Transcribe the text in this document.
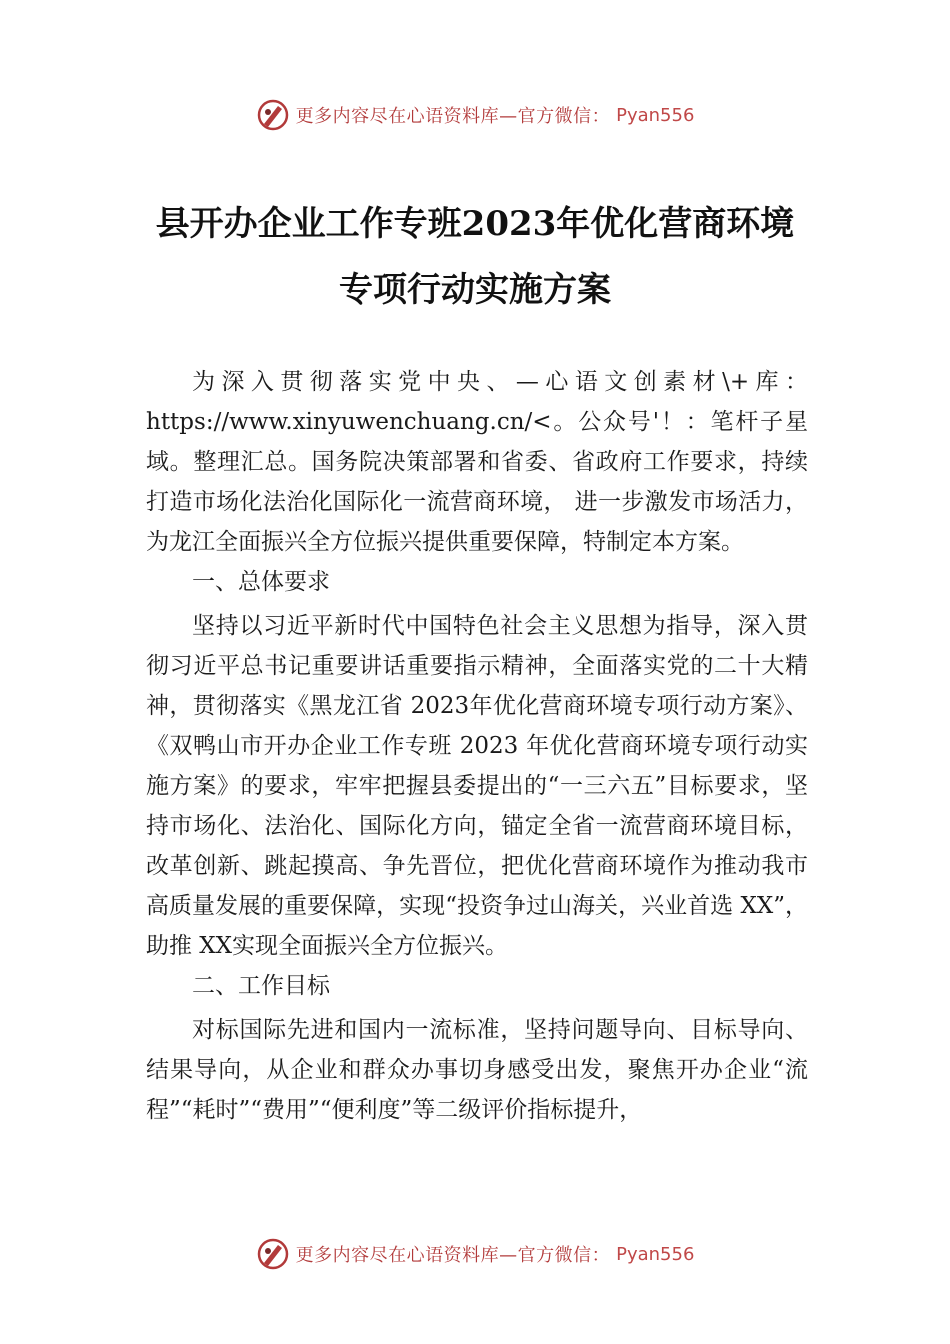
更多内容尽在心语资料库—官方微信： Pyan556
县开办企业工作专班2023年优化营商环境
专项行动实施方案

为深入贯彻落实党中央、—心语文创素材\+库：https://www.xinyuwenchuang.cn/<。公众号'！：笔杆子星域。整理汇总。国务院决策部署和省委、省政府工作要求，持续打造市场化法治化国际化一流营商环境， 进一步激发市场活力，为龙江全面振兴全方位振兴提供重要保障，特制定本方案。

一、总体要求

坚持以习近平新时代中国特色社会主义思想为指导，深入贯彻习近平总书记重要讲话重要指示精神，全面落实党的二十大精神，贯彻落实《黑龙江省 2023年优化营商环境专项行动方案》、《双鸭山市开办企业工作专班 2023 年优化营商环境专项行动实施方案》的要求，牢牢把握县委提出的“一三六五”目标要求，坚持市场化、法治化、国际化方向，锚定全省一流营商环境目标，改革创新、跳起摸高、争先晋位，把优化营商环境作为推动我市高质量发展的重要保障，实现“投资争过山海关，兴业首选 XX”，助推 XX实现全面振兴全方位振兴。

二、工作目标

对标国际先进和国内一流标准，坚持问题导向、目标导向、结果导向，从企业和群众办事切身感受出发，聚焦开办企业“流程”“耗时”“费用”“便利度”等二级评价指标提升，

更多内容尽在心语资料库—官方微信： Pyan556
